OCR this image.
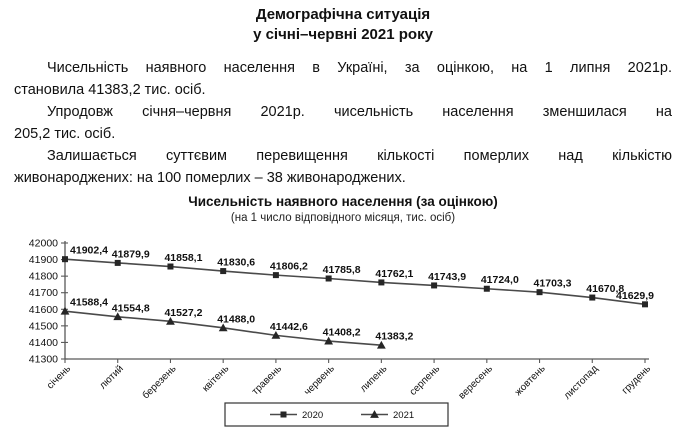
Демографічна ситуація
у січні–червні 2021 року
Чисельність наявного населення в Україні, за оцінкою, на 1 липня 2021р.
становила 41383,2 тис. осіб.
Упродовж січня–червня 2021р. чисельність населення зменшилася на
205,2 тис. осіб.
Залишається суттєвим перевищення кількості померлих над кількістю
живонароджених: на 100 померлих – 38 живонароджених.
Чисельність наявного населення (за оцінкою)
(на 1 число відповідного місяця, тис. осіб)
41300
41400
41500
41600
41700
41800
41900
42000
січень лютий березень квітень травень червень липень серпень вересень жовтень листопад грудень
41902,4 41879,9 41858,1 41830,6 41806,2 41785,8 41762,1 41743,9 41724,0 41703,3 41670,8
41629,9
41588,4 41554,8 41527,2
41488,0
41442,6 41408,2 41383,2
2020	2021
